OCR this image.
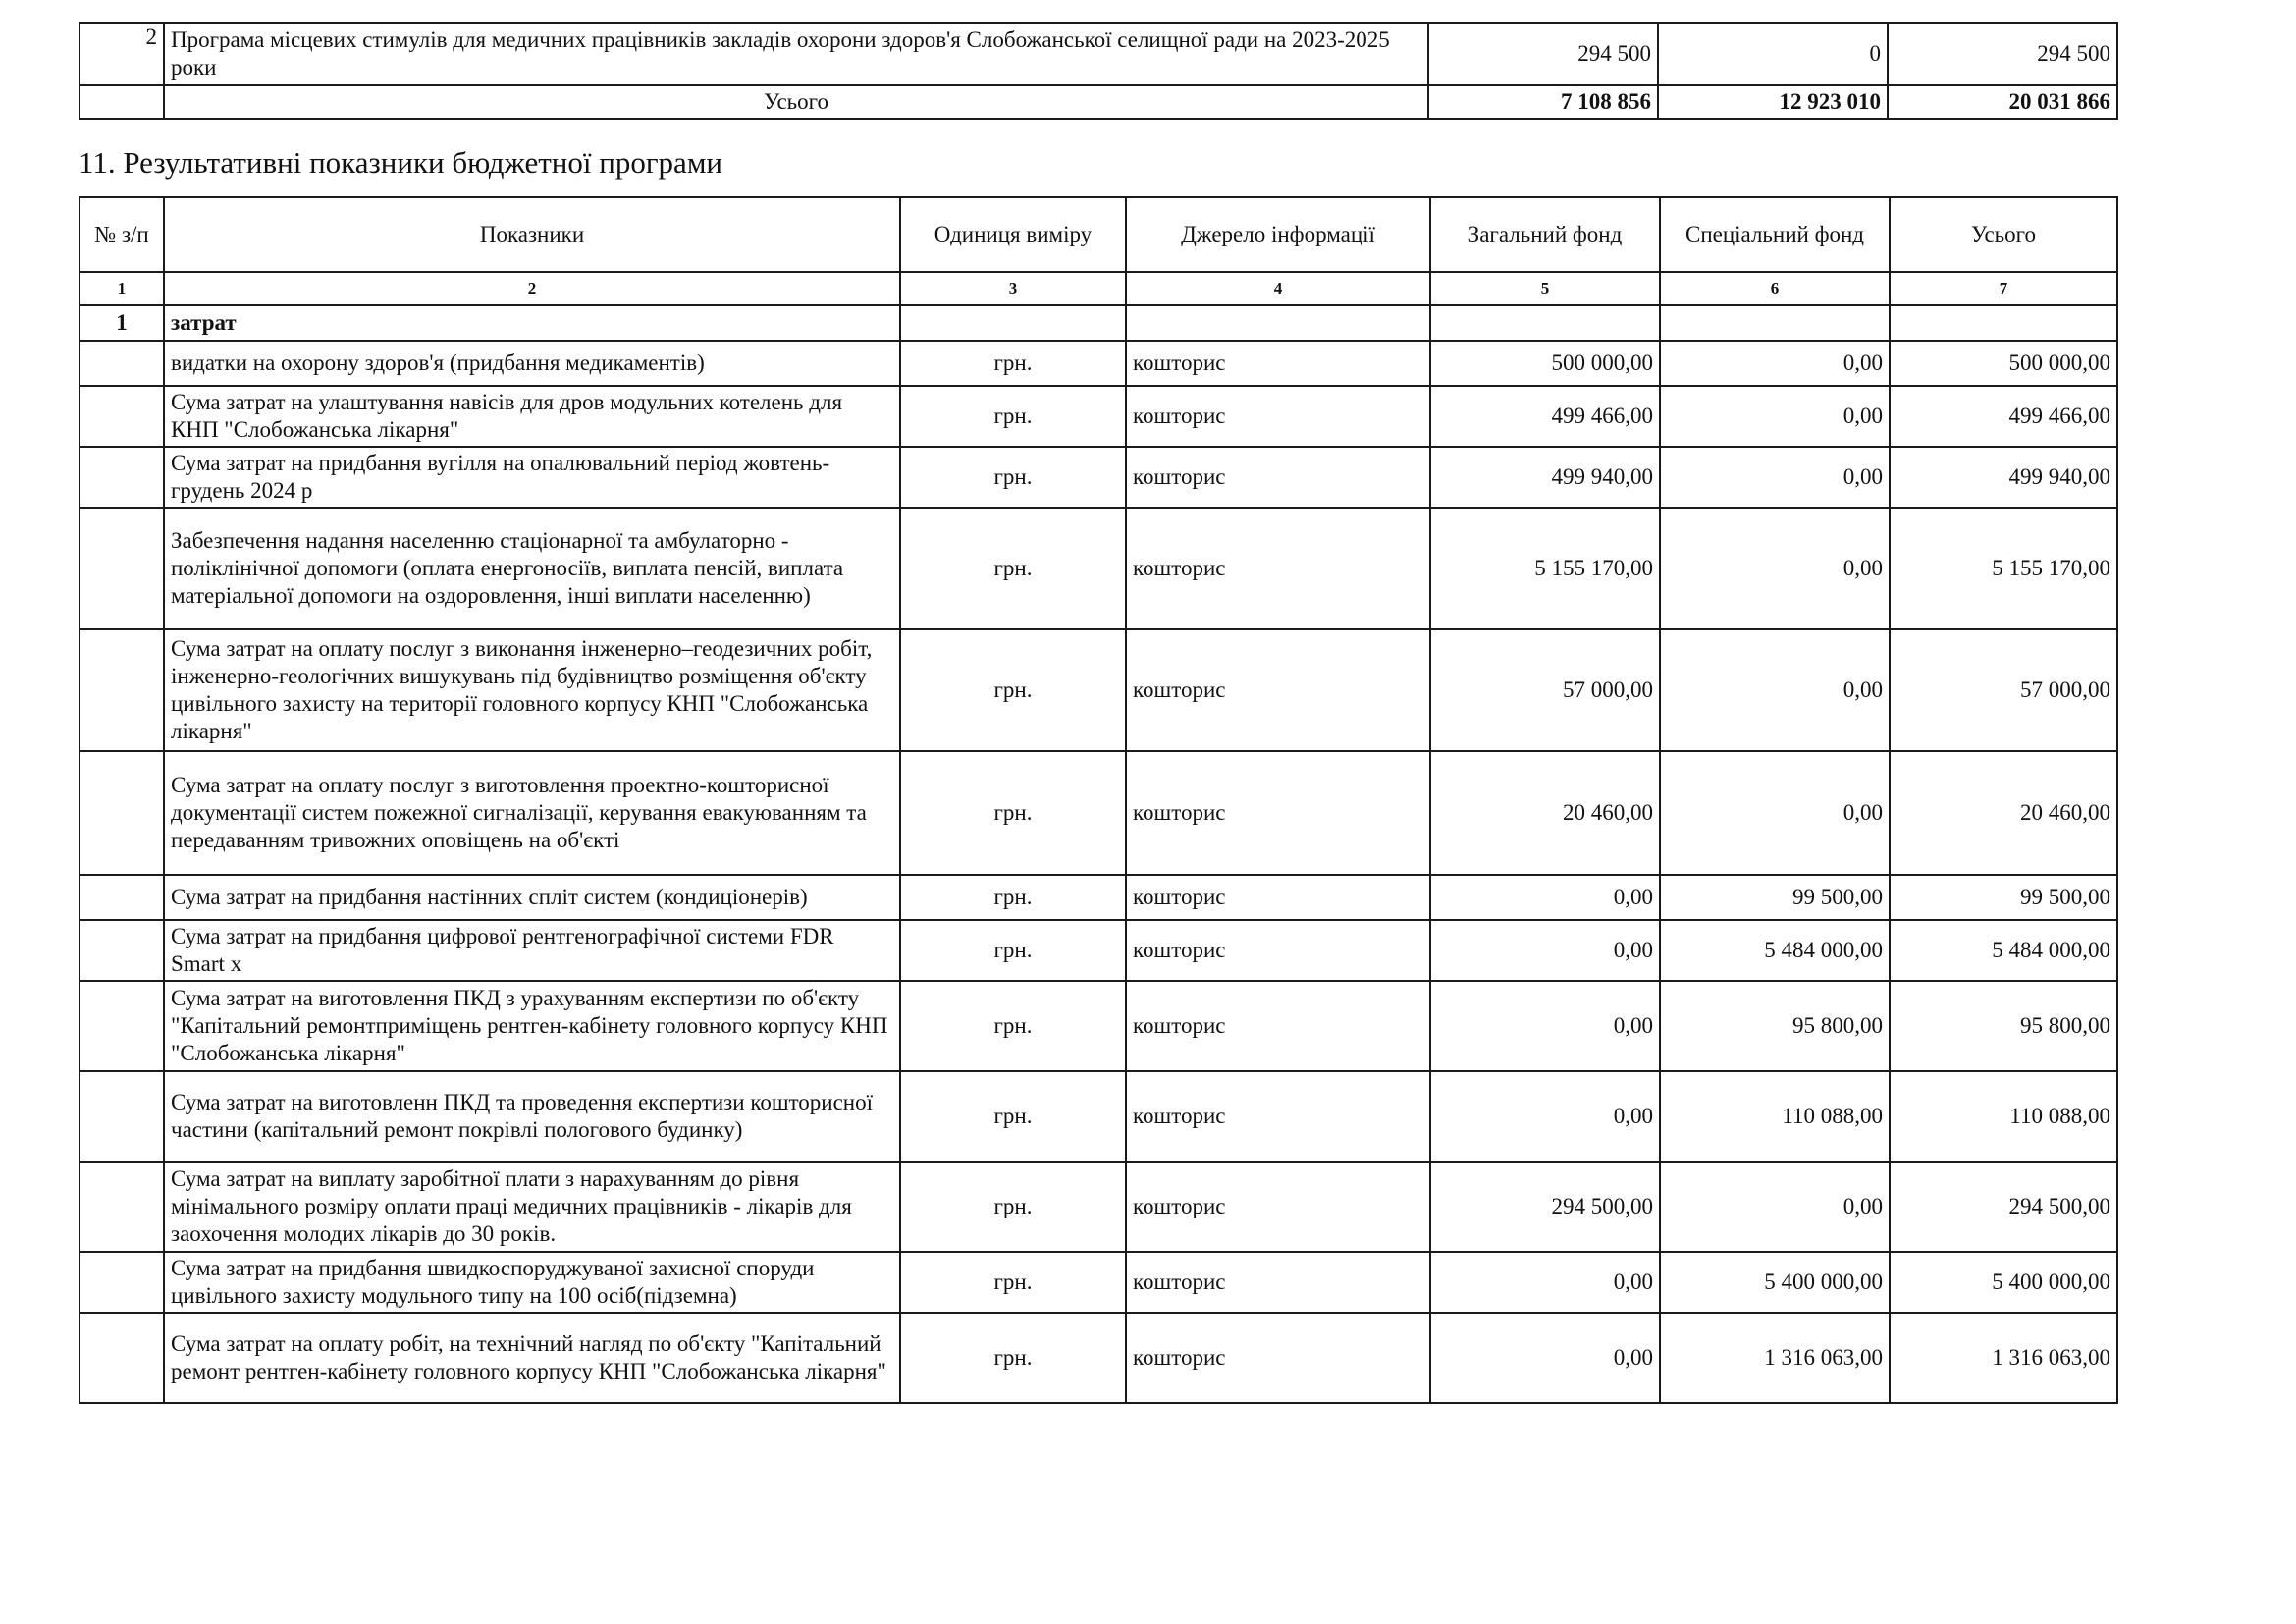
2	Програма місцевих стимулів для медичних працівників закладів охорони здоров'я Слобожанської селищної ради на 2023-2025 роки	294 500	0	294 500
	Усього	7 108 856	12 923 010	20 031 866
11. Результативні показники бюджетної програми
№ з/п	Показники	Одиниця виміру	Джерело інформації	Загальний фонд	Спеціальний фонд	Усього
1	2	3	4	5	6	7
1	затрат					
	видатки на охорону здоров'я (придбання медикаментів)	грн.	кошторис	500 000,00	0,00	500 000,00
	Сума затрат на улаштування навісів для дров модульних котелень для КНП "Слобожанська лікарня"	грн.	кошторис	499 466,00	0,00	499 466,00
	Сума затрат на придбання вугілля на опалювальний період жовтень-грудень 2024 р	грн.	кошторис	499 940,00	0,00	499 940,00
	Забезпечення надання населенню стаціонарної та амбулаторно - поліклінічної допомоги (оплата енергоносіїв, виплата пенсій, виплата матеріальної допомоги на оздоровлення, інші виплати населенню)	грн.	кошторис	5 155 170,00	0,00	5 155 170,00
	Сума затрат на оплату послуг з виконання інженерно–геодезичних робіт, інженерно-геологічних вишукувань під будівництво розміщення об'єкту цивільного захисту на території головного корпусу КНП "Слобожанська лікарня"	грн.	кошторис	57 000,00	0,00	57 000,00
	Сума затрат на оплату послуг з виготовлення проектно-кошторисної документації систем пожежної сигналізації, керування евакуюванням та передаванням тривожних оповіщень на об'єкті	грн.	кошторис	20 460,00	0,00	20 460,00
	Сума затрат на придбання настінних спліт систем (кондиціонерів)	грн.	кошторис	0,00	99 500,00	99 500,00
	Сума затрат на придбання цифрової рентгенографічної системи FDR Smart x	грн.	кошторис	0,00	5 484 000,00	5 484 000,00
	Сума затрат на виготовлення ПКД з урахуванням експертизи по об'єкту "Капітальний ремонтприміщень рентген-кабінету головного корпусу КНП "Слобожанська лікарня"	грн.	кошторис	0,00	95 800,00	95 800,00
	Сума затрат на виготовленн ПКД та проведення експертизи кошторисної частини (капітальний ремонт покрівлі пологового будинку)	грн.	кошторис	0,00	110 088,00	110 088,00
	Сума затрат на виплату заробітної плати з нарахуванням до рівня мінімального розміру оплати праці медичних працівників - лікарів для заохочення молодих лікарів до 30 років.	грн.	кошторис	294 500,00	0,00	294 500,00
	Сума затрат на придбання швидкоспоруджуваної захисної споруди цивільного захисту модульного типу на 100 осіб(підземна)	грн.	кошторис	0,00	5 400 000,00	5 400 000,00
	Сума затрат на оплату робіт, на технічний нагляд по об'єкту "Капітальний ремонт рентген-кабінету головного корпусу КНП "Слобожанська лікарня"	грн.	кошторис	0,00	1 316 063,00	1 316 063,00
